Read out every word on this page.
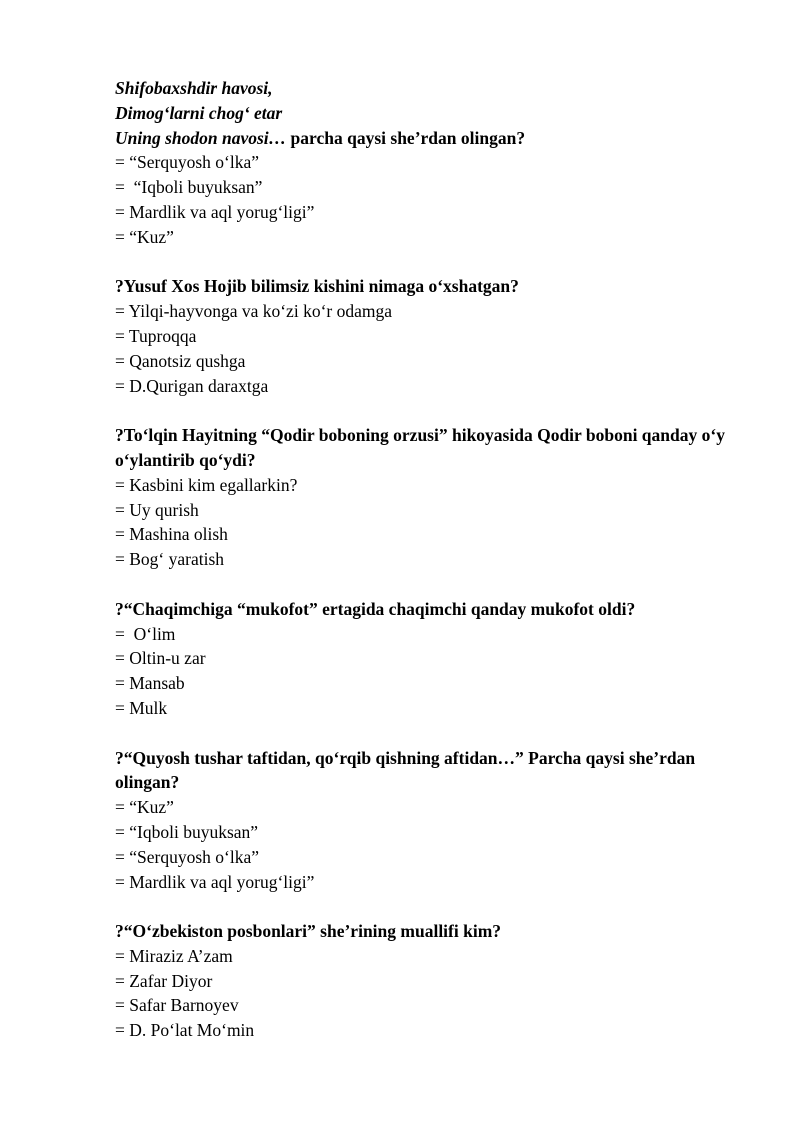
Shifobaxshdir havosi,
Dimog‘larni chog‘ etar
Uning shodon navosi… parcha qaysi she’rdan olingan?
= “Serquyosh o‘lka”
=  “Iqboli buyuksan”
= Mardlik va aql yorug‘ligi”
= “Kuz”
?Yusuf Xos Hojib bilimsiz kishini nimaga o‘xshatgan?
= Yilqi-hayvonga va ko‘zi ko‘r odamga
= Tuproqqa
= Qanotsiz qushga
= D.Qurigan daraxtga
?To‘lqin Hayitning “Qodir boboning orzusi” hikoyasida Qodir boboni qanday o‘y o‘ylantirib qo‘ydi?
= Kasbini kim egallarkin?
= Uy qurish
= Mashina olish
= Bog‘ yaratish
?“Chaqimchiga “mukofot” ertagida chaqimchi qanday mukofot oldi?
=  O‘lim
= Oltin-u zar
= Mansab
= Mulk
?“Quyosh tushar taftidan, qo‘rqib qishning aftidan…” Parcha qaysi she’rdan olingan?
= “Kuz”
= “Iqboli buyuksan”
= “Serquyosh o‘lka”
= Mardlik va aql yorug‘ligi”
?“O‘zbekiston posbonlari” she’rining muallifi kim?
= Miraziz A’zam
= Zafar Diyor
= Safar Barnoyev
= D. Po‘lat Mo‘min
